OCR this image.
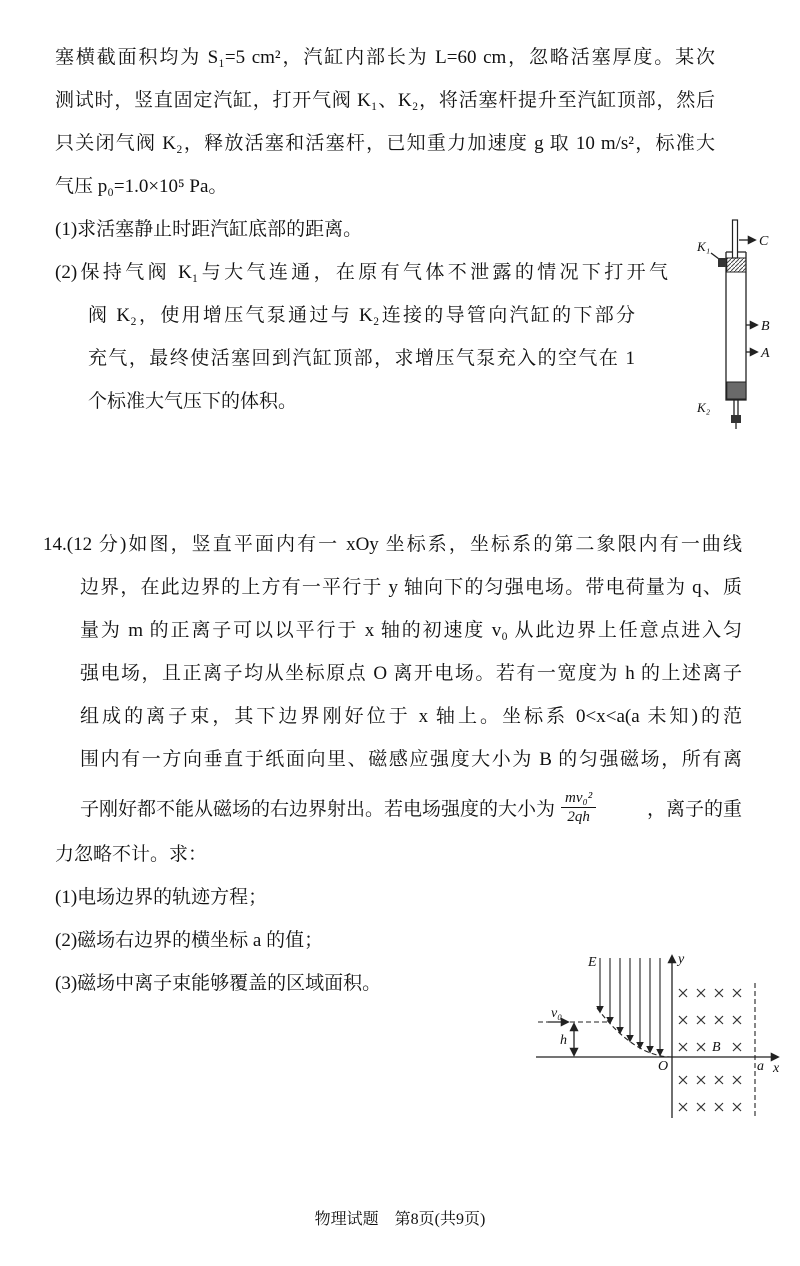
塞横截面积均为 S₁=5 cm²，汽缸内部长为 L=60 cm，忽略活塞厚度。某次
测试时，竖直固定汽缸，打开气阀 K₁、K₂，将活塞杆提升至汽缸顶部，然后
只关闭气阀 K₂，释放活塞和活塞杆，已知重力加速度 g 取 10 m/s²，标准大
气压 p₀=1.0×10⁵ Pa。
(1)求活塞静止时距汽缸底部的距离。
(2)保持气阀 K₁与大气连通，在原有气体不泄露的情况下打开气
阀 K₂，使用增压气泵通过与 K₂连接的导管向汽缸的下部分
充气，最终使活塞回到汽缸顶部，求增压气泵充入的空气在 1
个标准大气压下的体积。
K₁	C
B
A
K₂
14.(12 分)如图，竖直平面内有一 xOy 坐标系，坐标系的第二象限内有一曲线
边界，在此边界的上方有一平行于 y 轴向下的匀强电场。带电荷量为 q、质
量为 m 的正离子可以以平行于 x 轴的初速度 v₀ 从此边界上任意点进入匀
强电场，且正离子均从坐标原点 O 离开电场。若有一宽度为 h 的上述离子
组成的离子束，其下边界刚好位于 x 轴上。坐标系 0<x<a(a 未知)的范
围内有一方向垂直于纸面向里、磁感应强度大小为 B 的匀强磁场，所有离
子刚好都不能从磁场的右边界射出。若电场强度的大小为 $\frac{\text{mv₀²}}{2qh}$	，离子的重
力忽略不计。求：
(1)电场边界的轨迹方程；
(2)磁场右边界的横坐标 a 的值；
(3)磁场中离子束能够覆盖的区域面积。
v₀
h
y
x
O
E
B
a
物理试题　第8页(共9页)
